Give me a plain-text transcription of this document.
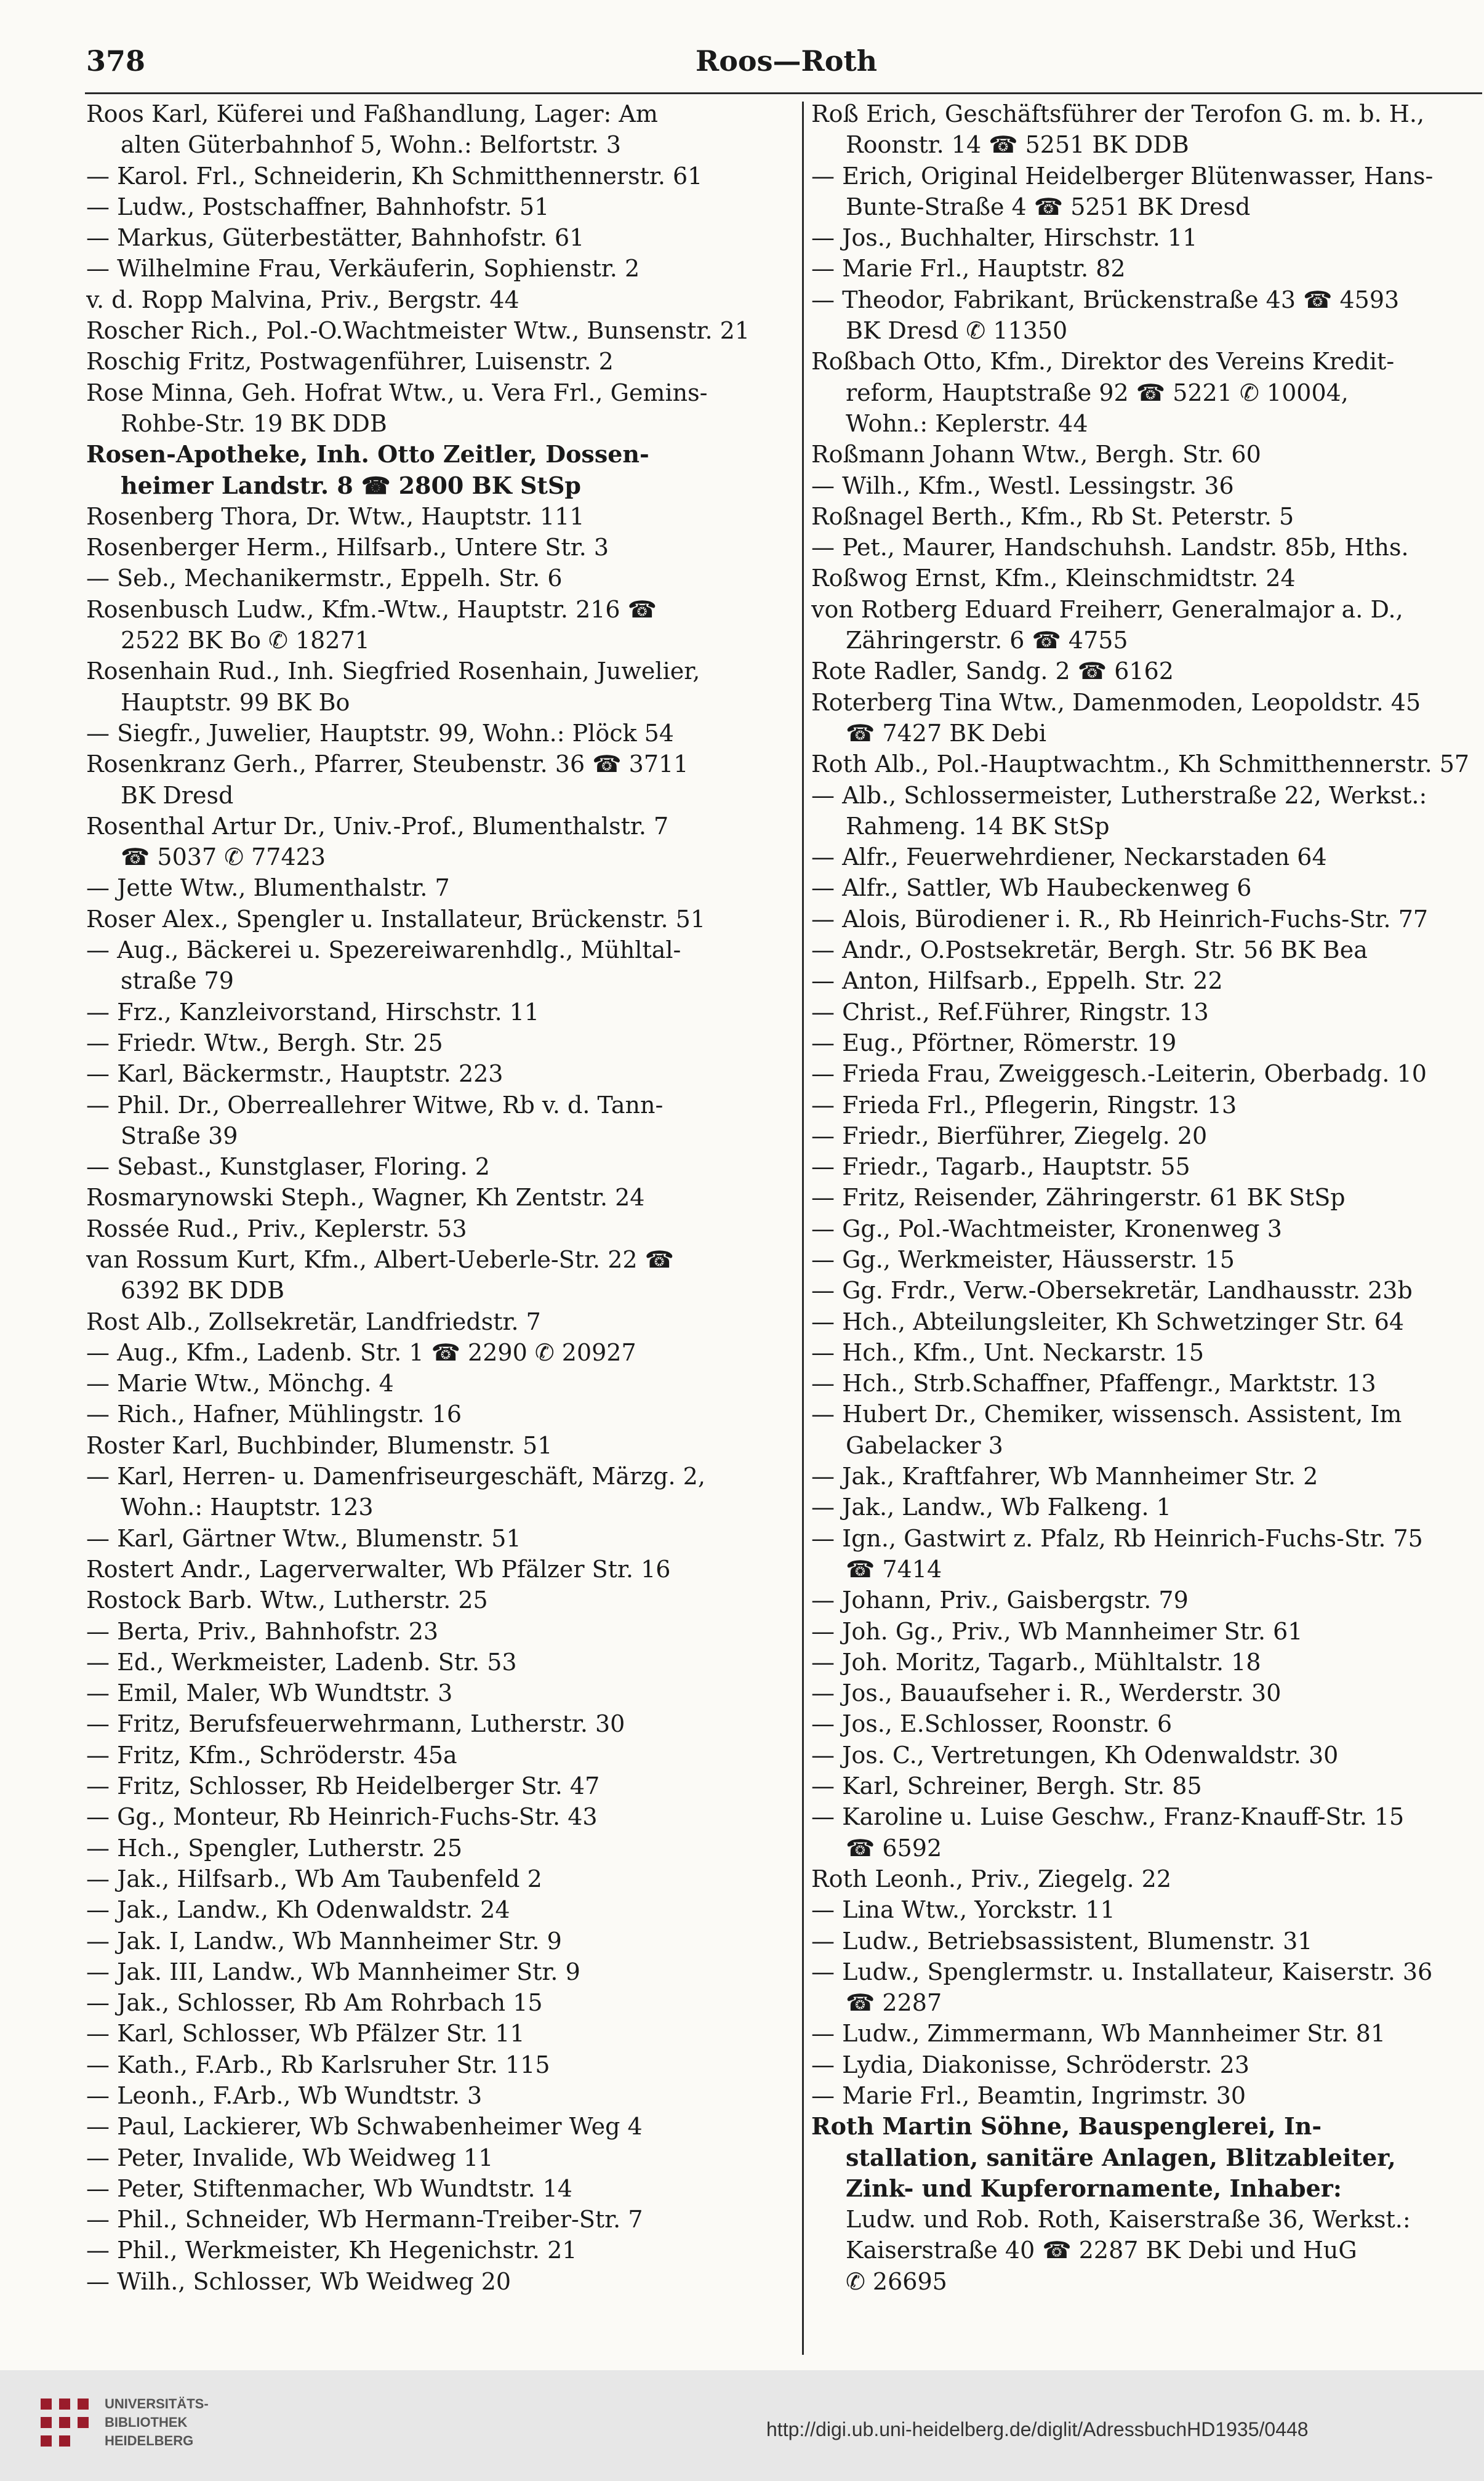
378	Roos—Roth
Roos Karl, Küferei und Faßhandlung, Lager: Am
alten Güterbahnhof 5, Wohn.: Belfortstr. 3
— Karol. Frl., Schneiderin, Kh Schmitthennerstr. 61
— Ludw., Postschaffner, Bahnhofstr. 51
— Markus, Güterbestätter, Bahnhofstr. 61
— Wilhelmine Frau, Verkäuferin, Sophienstr. 2
v. d. Ropp Malvina, Priv., Bergstr. 44
Roscher Rich., Pol.-O.Wachtmeister Wtw., Bunsenstr. 21
Roschig Fritz, Postwagenführer, Luisenstr. 2
Rose Minna, Geh. Hofrat Wtw., u. Vera Frl., Gemins-
Rohbe-Str. 19 BK DDB
Rosen-Apotheke, Inh. Otto Zeitler, Dossen-
heimer Landstr. 8 ☎ 2800 BK StSp
Rosenberg Thora, Dr. Wtw., Hauptstr. 111
Rosenberger Herm., Hilfsarb., Untere Str. 3
— Seb., Mechanikermstr., Eppelh. Str. 6
Rosenbusch Ludw., Kfm.-Wtw., Hauptstr. 216 ☎
2522 BK Bo ✆ 18271
Rosenhain Rud., Inh. Siegfried Rosenhain, Juwelier,
Hauptstr. 99 BK Bo
— Siegfr., Juwelier, Hauptstr. 99, Wohn.: Plöck 54
Rosenkranz Gerh., Pfarrer, Steubenstr. 36 ☎ 3711
BK Dresd
Rosenthal Artur Dr., Univ.-Prof., Blumenthalstr. 7
☎ 5037 ✆ 77423
— Jette Wtw., Blumenthalstr. 7
Roser Alex., Spengler u. Installateur, Brückenstr. 51
— Aug., Bäckerei u. Spezereiwarenhdlg., Mühltal-
straße 79
— Frz., Kanzleivorstand, Hirschstr. 11
— Friedr. Wtw., Bergh. Str. 25
— Karl, Bäckermstr., Hauptstr. 223
— Phil. Dr., Oberreallehrer Witwe, Rb v. d. Tann-
Straße 39
— Sebast., Kunstglaser, Floring. 2
Rosmarynowski Steph., Wagner, Kh Zentstr. 24
Rossée Rud., Priv., Keplerstr. 53
van Rossum Kurt, Kfm., Albert-Ueberle-Str. 22 ☎
6392 BK DDB
Rost Alb., Zollsekretär, Landfriedstr. 7
— Aug., Kfm., Ladenb. Str. 1 ☎ 2290 ✆ 20927
— Marie Wtw., Mönchg. 4
— Rich., Hafner, Mühlingstr. 16
Roster Karl, Buchbinder, Blumenstr. 51
— Karl, Herren- u. Damenfriseurgeschäft, Märzg. 2,
Wohn.: Hauptstr. 123
— Karl, Gärtner Wtw., Blumenstr. 51
Rostert Andr., Lagerverwalter, Wb Pfälzer Str. 16
Rostock Barb. Wtw., Lutherstr. 25
— Berta, Priv., Bahnhofstr. 23
— Ed., Werkmeister, Ladenb. Str. 53
— Emil, Maler, Wb Wundtstr. 3
— Fritz, Berufsfeuerwehrmann, Lutherstr. 30
— Fritz, Kfm., Schröderstr. 45a
— Fritz, Schlosser, Rb Heidelberger Str. 47
— Gg., Monteur, Rb Heinrich-Fuchs-Str. 43
— Hch., Spengler, Lutherstr. 25
— Jak., Hilfsarb., Wb Am Taubenfeld 2
— Jak., Landw., Kh Odenwaldstr. 24
— Jak. I, Landw., Wb Mannheimer Str. 9
— Jak. III, Landw., Wb Mannheimer Str. 9
— Jak., Schlosser, Rb Am Rohrbach 15
— Karl, Schlosser, Wb Pfälzer Str. 11
— Kath., F.Arb., Rb Karlsruher Str. 115
— Leonh., F.Arb., Wb Wundtstr. 3
— Paul, Lackierer, Wb Schwabenheimer Weg 4
— Peter, Invalide, Wb Weidweg 11
— Peter, Stiftenmacher, Wb Wundtstr. 14
— Phil., Schneider, Wb Hermann-Treiber-Str. 7
— Phil., Werkmeister, Kh Hegenichstr. 21
— Wilh., Schlosser, Wb Weidweg 20
Roß Erich, Geschäftsführer der Terofon G. m. b. H.,
Roonstr. 14 ☎ 5251 BK DDB
— Erich, Original Heidelberger Blütenwasser, Hans-
Bunte-Straße 4 ☎ 5251 BK Dresd
— Jos., Buchhalter, Hirschstr. 11
— Marie Frl., Hauptstr. 82
— Theodor, Fabrikant, Brückenstraße 43 ☎ 4593
BK Dresd ✆ 11350
Roßbach Otto, Kfm., Direktor des Vereins Kredit-
reform, Hauptstraße 92 ☎ 5221 ✆ 10004,
Wohn.: Keplerstr. 44
Roßmann Johann Wtw., Bergh. Str. 60
— Wilh., Kfm., Westl. Lessingstr. 36
Roßnagel Berth., Kfm., Rb St. Peterstr. 5
— Pet., Maurer, Handschuhsh. Landstr. 85b, Hths.
Roßwog Ernst, Kfm., Kleinschmidtstr. 24
von Rotberg Eduard Freiherr, Generalmajor a. D.,
Zähringerstr. 6 ☎ 4755
Rote Radler, Sandg. 2 ☎ 6162
Roterberg Tina Wtw., Damenmoden, Leopoldstr. 45
☎ 7427 BK Debi
Roth Alb., Pol.-Hauptwachtm., Kh Schmitthennerstr. 57
— Alb., Schlossermeister, Lutherstraße 22, Werkst.:
Rahmeng. 14 BK StSp
— Alfr., Feuerwehrdiener, Neckarstaden 64
— Alfr., Sattler, Wb Haubeckenweg 6
— Alois, Bürodiener i. R., Rb Heinrich-Fuchs-Str. 77
— Andr., O.Postsekretär, Bergh. Str. 56 BK Bea
— Anton, Hilfsarb., Eppelh. Str. 22
— Christ., Ref.Führer, Ringstr. 13
— Eug., Pförtner, Römerstr. 19
— Frieda Frau, Zweiggesch.-Leiterin, Oberbadg. 10
— Frieda Frl., Pflegerin, Ringstr. 13
— Friedr., Bierführer, Ziegelg. 20
— Friedr., Tagarb., Hauptstr. 55
— Fritz, Reisender, Zähringerstr. 61 BK StSp
— Gg., Pol.-Wachtmeister, Kronenweg 3
— Gg., Werkmeister, Häusserstr. 15
— Gg. Frdr., Verw.-Obersekretär, Landhausstr. 23b
— Hch., Abteilungsleiter, Kh Schwetzinger Str. 64
— Hch., Kfm., Unt. Neckarstr. 15
— Hch., Strb.Schaffner, Pfaffengr., Marktstr. 13
— Hubert Dr., Chemiker, wissensch. Assistent, Im
Gabelacker 3
— Jak., Kraftfahrer, Wb Mannheimer Str. 2
— Jak., Landw., Wb Falkeng. 1
— Ign., Gastwirt z. Pfalz, Rb Heinrich-Fuchs-Str. 75
☎ 7414
— Johann, Priv., Gaisbergstr. 79
— Joh. Gg., Priv., Wb Mannheimer Str. 61
— Joh. Moritz, Tagarb., Mühltalstr. 18
— Jos., Bauaufseher i. R., Werderstr. 30
— Jos., E.Schlosser, Roonstr. 6
— Jos. C., Vertretungen, Kh Odenwaldstr. 30
— Karl, Schreiner, Bergh. Str. 85
— Karoline u. Luise Geschw., Franz-Knauff-Str. 15
☎ 6592
Roth Leonh., Priv., Ziegelg. 22
— Lina Wtw., Yorckstr. 11
— Ludw., Betriebsassistent, Blumenstr. 31
— Ludw., Spenglermstr. u. Installateur, Kaiserstr. 36
☎ 2287
— Ludw., Zimmermann, Wb Mannheimer Str. 81
— Lydia, Diakonisse, Schröderstr. 23
— Marie Frl., Beamtin, Ingrimstr. 30
Roth Martin Söhne, Bauspenglerei, In-
stallation, sanitäre Anlagen, Blitzableiter,
Zink- und Kupferornamente, Inhaber:
Ludw. und Rob. Roth, Kaiserstraße 36, Werkst.:
Kaiserstraße 40 ☎ 2287 BK Debi und HuG
✆ 26695
UNIVERSITÄTS-
BIBLIOTHEK
HEIDELBERG
http://digi.ub.uni-heidelberg.de/diglit/AdressbuchHD1935/0448
